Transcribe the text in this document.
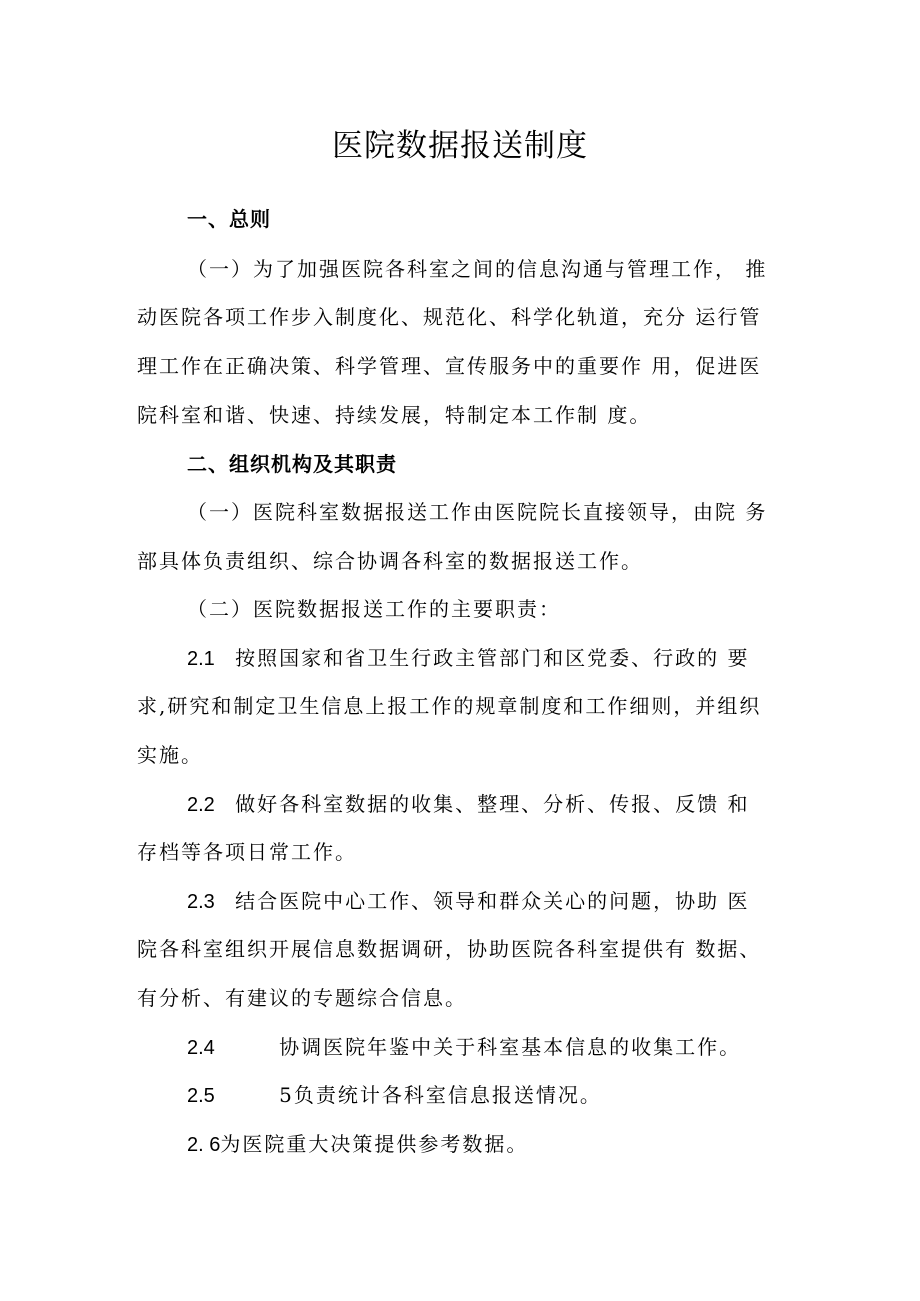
医院数据报送制度
一、总则
（一）为了加强医院各科室之间的信息沟通与管理工作， 推
动医院各项工作步入制度化、规范化、科学化轨道，充分 运行管
理工作在正确决策、科学管理、宣传服务中的重要作 用，促进医
院科室和谐、快速、持续发展，特制定本工作制 度。
二、组织机构及其职责
（一）医院科室数据报送工作由医院院长直接领导，由院 务
部具体负责组织、综合协调各科室的数据报送工作。
（二）医院数据报送工作的主要职责：
2.1 按照国家和省卫生行政主管部门和区党委、行政的 要
求,研究和制定卫生信息上报工作的规章制度和工作细则，并组织
实施。
2.2 做好各科室数据的收集、整理、分析、传报、反馈 和
存档等各项日常工作。
2.3 结合医院中心工作、领导和群众关心的问题，协助 医
院各科室组织开展信息数据调研，协助医院各科室提供有 数据、
有分析、有建议的专题综合信息。
2.4	协调医院年鉴中关于科室基本信息的收集工作。
2.5	5负责统计各科室信息报送情况。
2. 6为医院重大决策提供参考数据。
